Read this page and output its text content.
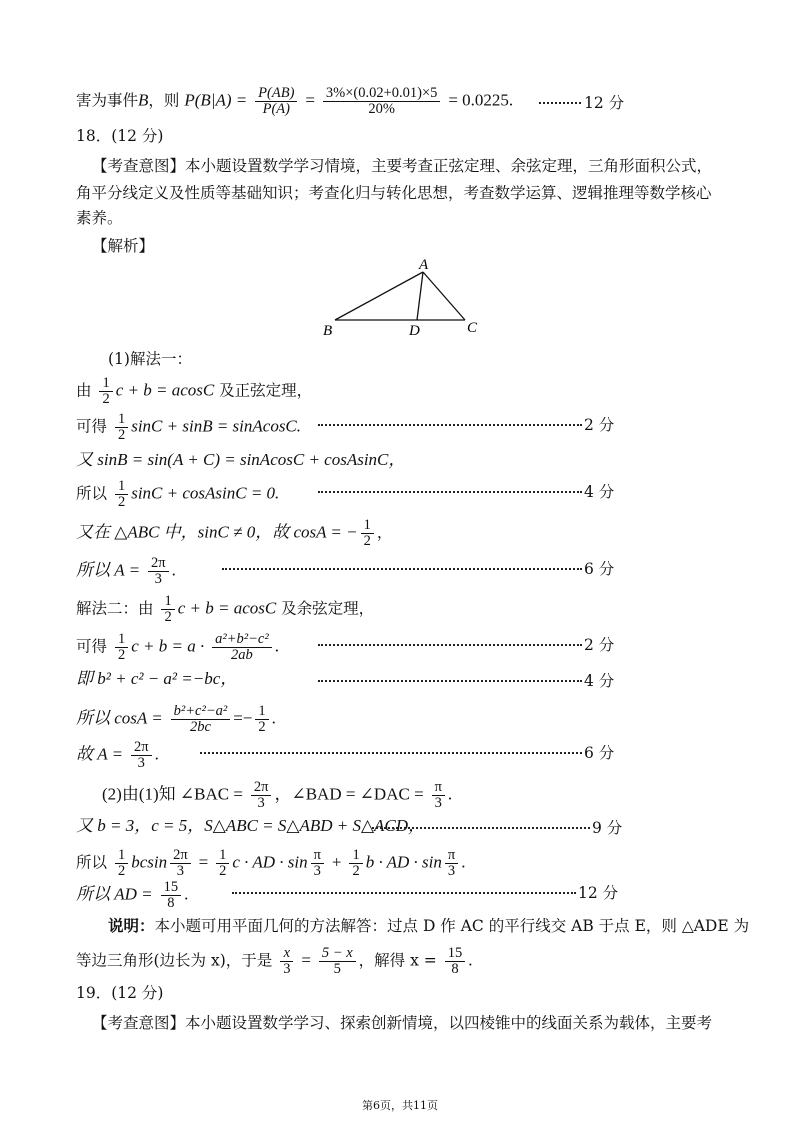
害为事件B，则 $P(B|A) = \frac{P(AB)}{P(A)} = \frac{3\%\times(0.02+0.01)\times 5}{20\%} = 0.0225$.	12 分
18．(12 分)
【考查意图】本小题设置数学学习情境，主要考查正弦定理、余弦定理，三角形面积公式，
角平分线定义及性质等基础知识；考查化归与转化思想，考查数学运算、逻辑推理等数学核心
素养。
【解析】
A
B	C
D
(1)解法一：
由 $\frac{1}{2}$ c + b = acosC 及正弦定理，
可得 $\frac{1}{2}$ sinC + sinB = sinAcosC.	2 分
又 sinB = sin(A + C) = sinAcosC + cosAsinC，
所以 $\frac{1}{2}$ sinC + cosAsinC = 0.	4 分
又在 △ABC 中，sinC ≠ 0，故 cosA = − $\frac{1}{2}$ ，
所以 $A = \frac{2\pi}{3}$ .	6 分
解法二：由 $\frac{1}{2}$ c + b = acosC 及余弦定理，
可得 $\frac{1}{2}$ $c + b = a \cdot \frac{\text{a²+b²−c²}}{2ab}$ .	2 分
即 b² + c² − a² =−bc，	4 分
所以 $\cos A = \frac{\text{b²+c²−a²}}{2bc} =- \frac{1}{2}$ .
故 $A = \frac{2\pi}{3}$ .	6 分
(2)由(1)知 ∠BAC = $\frac{2\pi}{3}$ ，∠BAD = ∠DAC = $\frac{\pi}{3}$ .
又 b = 3，c = 5，S△ABC = S△ABD + S△ACD，	9 分
所以 $\frac{1}{2}$ bcsin $\frac{2\pi}{3} = \frac{1}{2}$ c · AD · $\sin \frac{\pi}{3} + \frac{1}{2}$ b · AD · $\sin \frac{\pi}{3}$ .
所以 AD = $\frac{15}{8}$ .	12 分
说明：本小题可用平面几何的方法解答：过点 D 作 AC 的平行线交 AB 于点 E，则 △ADE 为
等边三角形(边长为 x)，于是 $\frac{x}{3} = \frac{5 - x}{5}$ ，解得 $x = \frac{15}{8}$ .
19．(12 分)
【考查意图】本小题设置数学学习、探索创新情境，以四棱锥中的线面关系为载体，主要考
第6页，共11页
